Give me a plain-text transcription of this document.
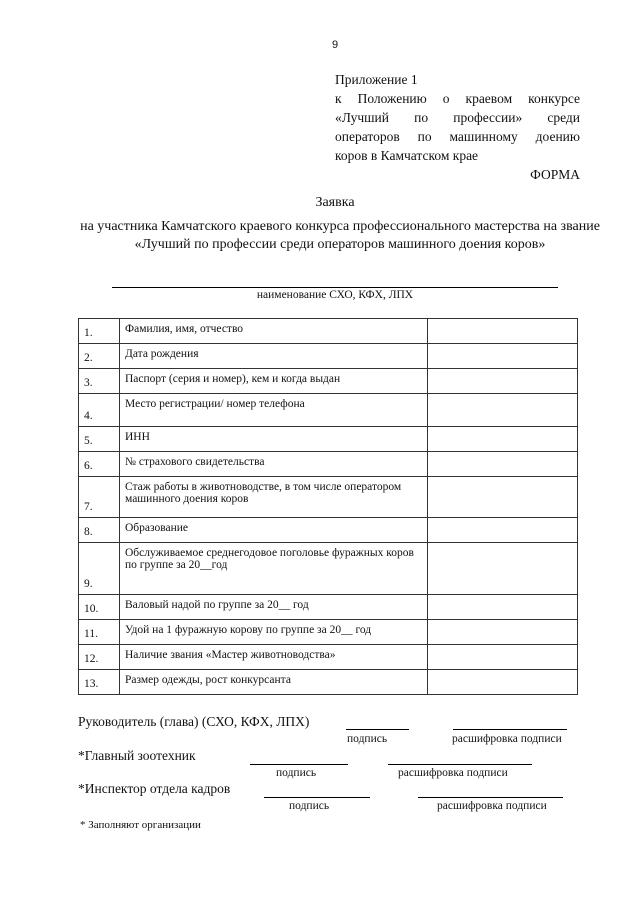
9
Приложение 1
к Положению о краевом конкурсе
«Лучший по профессии» среди
операторов по машинному доению
коров в Камчатском крае
ФОРМА
Заявка
на участника Камчатского краевого конкурса профессионального мастерства на звание «Лучший по профессии среди операторов машинного доения коров»
наименование СХО, КФХ, ЛПХ
1.	Фамилия, имя, отчество	
2.	Дата рождения	
3.	Паспорт (серия и номер), кем и когда выдан	
4.	Место регистрации/ номер телефона	
5.	ИНН	
6.	№ страхового свидетельства	
7.	Стаж работы в животноводстве, в том числе оператором машинного доения коров	
8.	Образование	
9.	Обслуживаемое среднегодовое поголовье фуражных коров по группе за 20__год	
10.	Валовый надой по группе за 20__ год	
11.	Удой на 1 фуражную корову по группе за 20__ год	
12.	Наличие звания «Мастер животноводства»	
13.	Размер одежды, рост конкурсанта	
Руководитель (глава) (СХО, КФХ, ЛПХ)
подпись	расшифровка подписи
*Главный зоотехник
подпись	расшифровка подписи
*Инспектор отдела кадров
подпись	расшифровка подписи
* Заполняют организации
